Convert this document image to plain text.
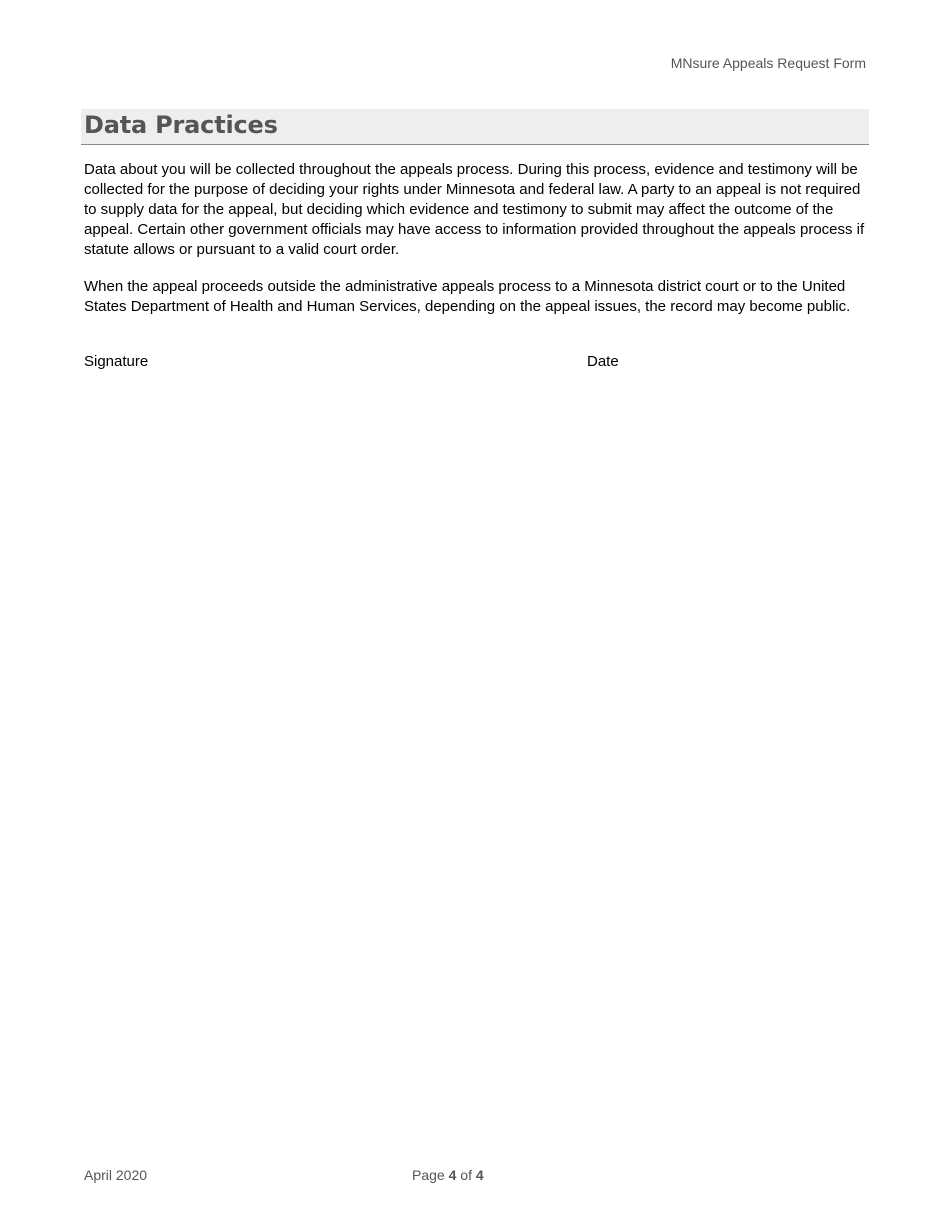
MNsure Appeals Request Form
Data Practices

Data about you will be collected throughout the appeals process. During this process, evidence and testimony will be collected for the purpose of deciding your rights under Minnesota and federal law. A party to an appeal is not required to supply data for the appeal, but deciding which evidence and testimony to submit may affect the outcome of the appeal. Certain other government officials may have access to information provided throughout the appeals process if statute allows or pursuant to a valid court order.

When the appeal proceeds outside the administrative appeals process to a Minnesota district court or to the United States Department of Health and Human Services, depending on the appeal issues, the record may become public.

Signature	Date
April 2020	Page 4 of 4
